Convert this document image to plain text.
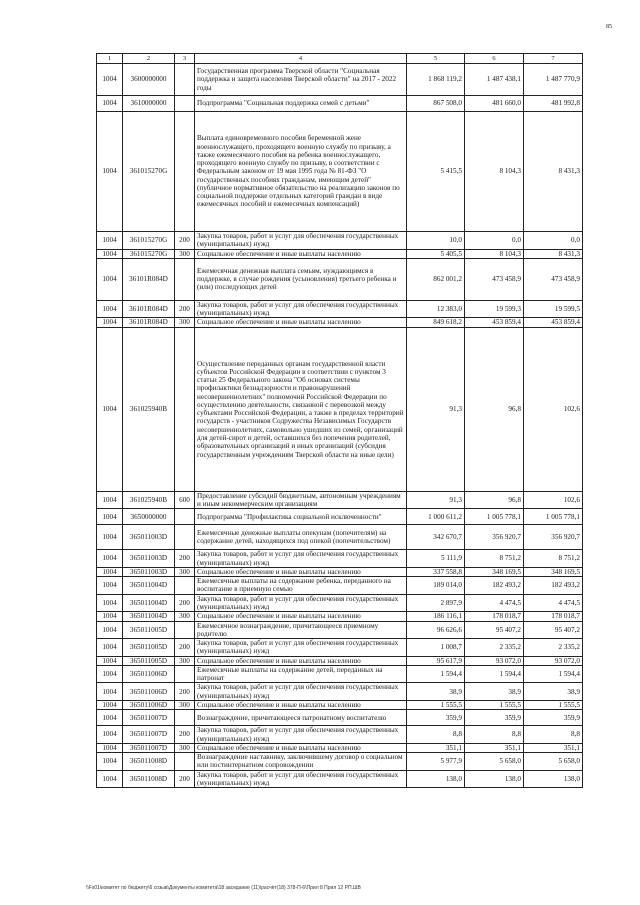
85
1	2	3	4	5	6	7
1004	3600000000		Государственная программа Тверской области "Социальная поддержка и защита населения Тверской области" на 2017 - 2022 годы	1 868 119,2	1 487 438,1	1 487 770,9
1004	3610000000		Подпрограмма "Социальная поддержка семей с детьми"	867 508,0	481 660,0	481 992,8
1004	361015270G		Выплата единовременного пособия беременной жене военнослужащего, проходящего военную службу по призыву, а также ежемесячного пособия на ребенка военнослужащего, проходящего военную службу по призыву, в соответствии с Федеральным законом от 19 мая 1995 года № 81-ФЗ "О государственных пособиях гражданам, имеющим детей" (публичное нормативное обязательство на реализацию законов по социальной поддержке отдельных категорий граждан в виде ежемесячных пособий и ежемесячных компенсаций)	5 415,5	8 104,3	8 431,3
1004	361015270G	200	Закупка товаров, работ и услуг для обеспечения государственных (муниципальных) нужд	10,0	0,0	0,0
1004	361015270G	300	Социальное обеспечение и иные выплаты населению	5 405,5	8 104,3	8 431,3
1004	36101R084D		Ежемесячная денежная выплата семьям, нуждающимся в поддержке, в случае рождения (усыновления) третьего ребенка и (или) последующих детей	862 001,2	473 458,9	473 458,9
1004	36101R084D	200	Закупка товаров, работ и услуг для обеспечения государственных (муниципальных) нужд	12 383,0	19 599,3	19 599,5
1004	36101R084D	300	Социальное обеспечение и иные выплаты населению	849 618,2	453 859,4	453 859,4
1004	361025940B		Осуществление переданных органам государственной власти субъектов Российской Федерации в соответствии с пунктом 3 статьи 25 Федерального закона "Об основах системы профилактики безнадзорности и правонарушений несовершеннолетних" полномочий Российской Федерации по осуществлению деятельности, связанной с перевозкой между субъектами Российской Федерации, а также в пределах территорий государств - участников Содружества Независимых Государств несовершеннолетних, самовольно ушедших из семей, организаций для детей-сирот и детей, оставшихся без попечения родителей, образовательных организаций и иных организаций (субсидия государственным учреждениям Тверской области на иные цели)	91,3	96,8	102,6
1004	361025940B	600	Предоставление субсидий бюджетным, автономным учреждениям и иным некоммерческим организациям	91,3	96,8	102,6
1004	3650000000		Подпрограмма "Профилактика социальной исключенности"	1 000 611,2	1 005 778,1	1 005 778,1
1004	365011003D		Ежемесячные денежные выплаты опекунам (попечителям) на содержание детей, находящихся под опекой (попечительством)	342 670,7	356 920,7	356 920,7
1004	365011003D	200	Закупка товаров, работ и услуг для обеспечения государственных (муниципальных) нужд	5 111,9	8 751,2	8 751,2
1004	365011003D	300	Социальное обеспечение и иные выплаты населению	337 558,8	348 169,5	348 169,5
1004	365011004D		Ежемесячные выплаты на содержание ребенка, переданного на воспитание в приемную семью	189 014,0	182 493,2	182 493,2
1004	365011004D	200	Закупка товаров, работ и услуг для обеспечения государственных (муниципальных) нужд	2 897,9	4 474,5	4 474,5
1004	365011004D	300	Социальное обеспечение и иные выплаты населению	186 116,1	178 018,7	178 018,7
1004	365011005D		Ежемесячное вознаграждение, причитающееся приемному родителю	96 626,6	95 407,2	95 407,2
1004	365011005D	200	Закупка товаров, работ и услуг для обеспечения государственных (муниципальных) нужд	1 008,7	2 335,2	2 335,2
1004	365011005D	300	Социальное обеспечение и иные выплаты населению	95 617,9	93 072,0	93 072,0
1004	365011006D		Ежемесячные выплаты на содержание детей, переданных на патронат	1 594,4	1 594,4	1 594,4
1004	365011006D	200	Закупка товаров, работ и услуг для обеспечения государственных (муниципальных) нужд	38,9	38,9	38,9
1004	365011006D	300	Социальное обеспечение и иные выплаты населению	1 555,5	1 555,5	1 555,5
1004	365011007D		Вознаграждение, причитающееся патронатному воспитателю	359,9	359,9	359,9
1004	365011007D	200	Закупка товаров, работ и услуг для обеспечения государственных (муниципальных) нужд	8,8	8,8	8,8
1004	365011007D	300	Социальное обеспечение и иные выплаты населению	351,1	351,1	351,1
1004	365011008D		Вознаграждение наставнику, заключившему договор о социальном или постинтернатном сопровождении	5 977,9	5 658,0	5 658,0
1004	365011008D	200	Закупка товаров, работ и услуг для обеспечения государственных (муниципальных) нужд	138,0	138,0	138,0
\\Fs01\комитет по бюджету\6 созыв\Документы комитета\18 заседание (11)\расчёт(18) 378-П-6\Прил 8 Прил 12 РП.ШВ
